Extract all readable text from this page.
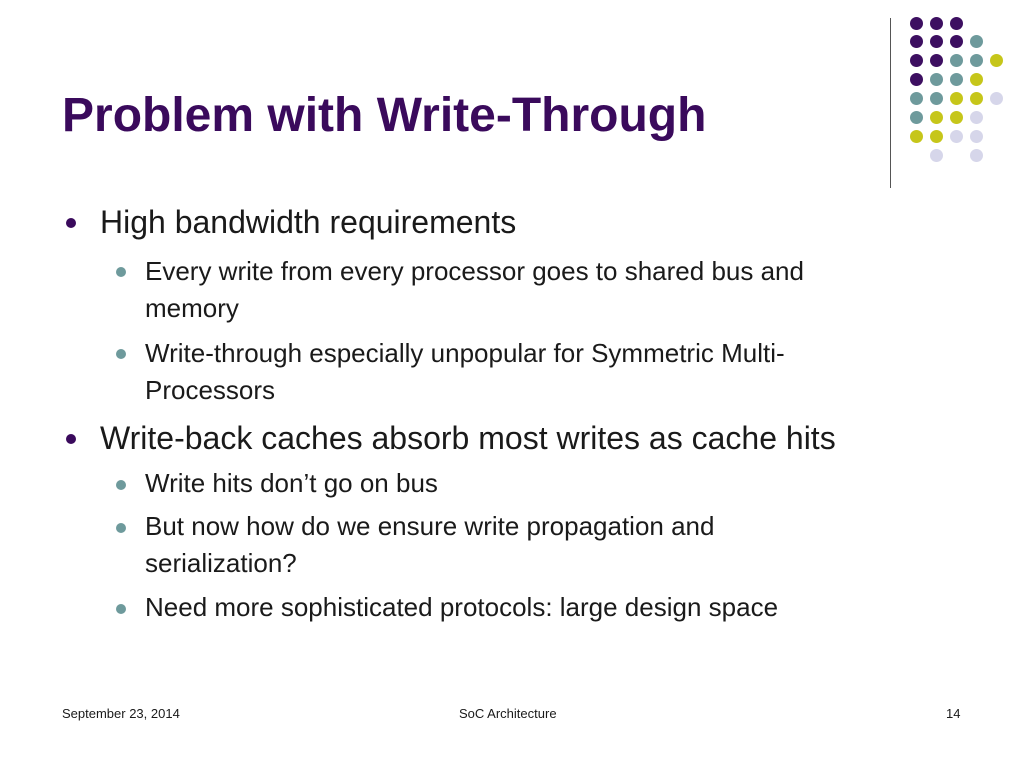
Problem with Write-Through
High bandwidth requirements
Every write from every processor goes to shared bus and
memory
Write-through especially unpopular for Symmetric Multi-
Processors
Write-back caches absorb most writes as cache hits
Write hits don’t go on bus
But now how do we ensure write propagation and
serialization?
Need more sophisticated protocols: large design space
September 23, 2014	SoC Architecture	14
